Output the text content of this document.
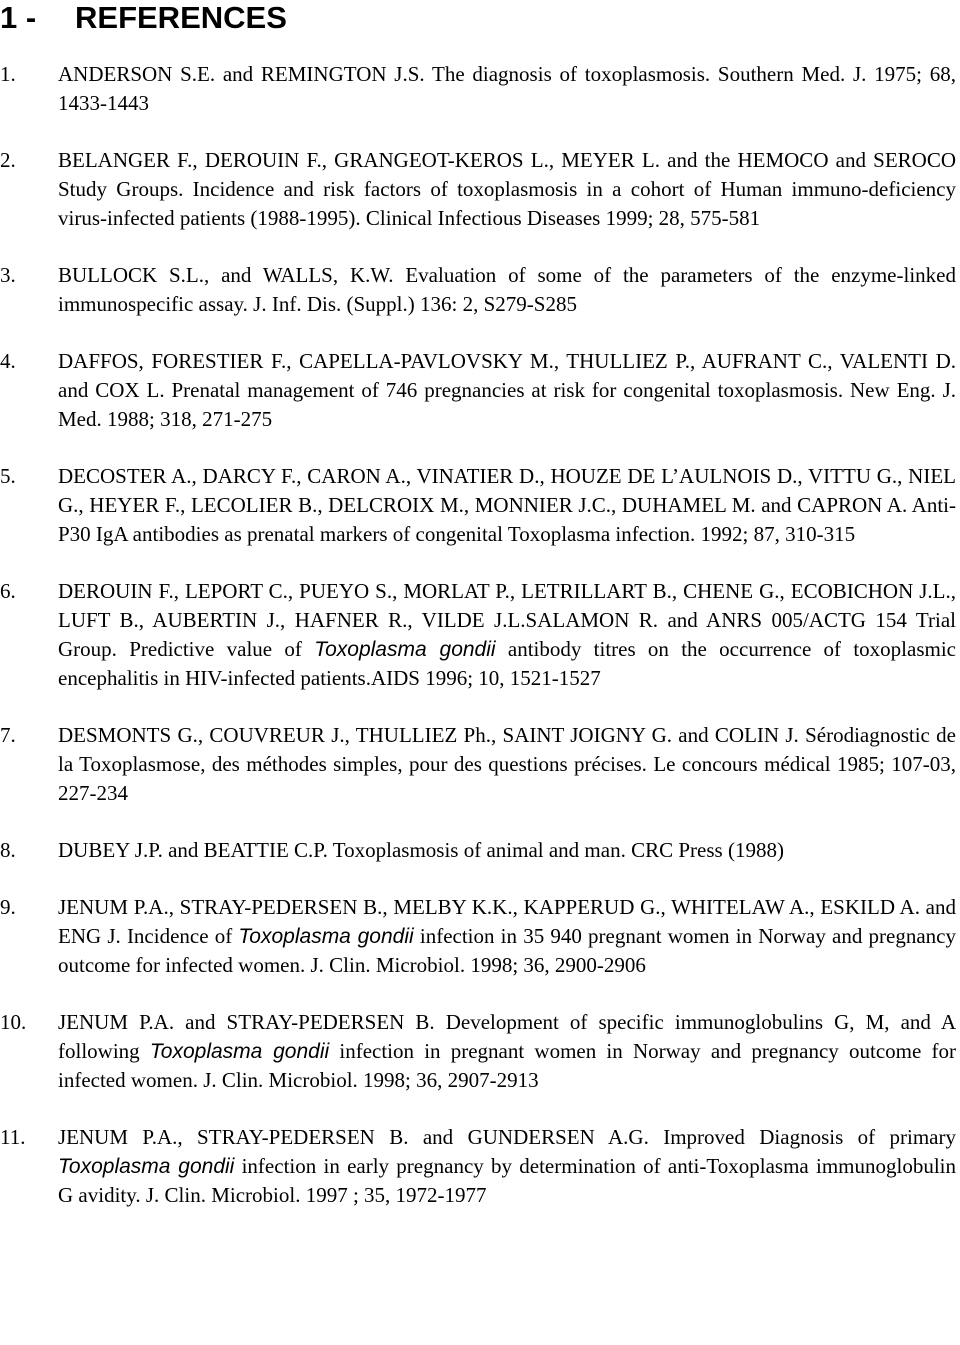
1 - REFERENCES

1. ANDERSON S.E. and REMINGTON J.S. The diagnosis of toxoplasmosis. Southern Med. J. 1975; 68, 1433-1443

2. BELANGER F., DEROUIN F., GRANGEOT-KEROS L., MEYER L. and the HEMOCO and SEROCO Study Groups. Incidence and risk factors of toxoplasmosis in a cohort of Human immuno-deficiency virus-infected patients (1988-1995). Clinical Infectious Diseases 1999; 28, 575-581

3. BULLOCK S.L., and WALLS, K.W. Evaluation of some of the parameters of the enzyme-linked immunospecific assay. J. Inf. Dis. (Suppl.) 136: 2, S279-S285

4. DAFFOS, FORESTIER F., CAPELLA-PAVLOVSKY M., THULLIEZ P., AUFRANT C., VALENTI D. and COX L. Prenatal management of 746 pregnancies at risk for congenital toxoplasmosis. New Eng. J. Med. 1988; 318, 271-275

5. DECOSTER A., DARCY F., CARON A., VINATIER D., HOUZE DE L’AULNOIS D., VITTU G., NIEL G., HEYER F., LECOLIER B., DELCROIX M., MONNIER J.C., DUHAMEL M. and CAPRON A. Anti-P30 IgA antibodies as prenatal markers of congenital Toxoplasma infection. 1992; 87, 310-315

6. DEROUIN F., LEPORT C., PUEYO S., MORLAT P., LETRILLART B., CHENE G., ECOBICHON J.L., LUFT B., AUBERTIN J., HAFNER R., VILDE J.L.SALAMON R. and ANRS 005/ACTG 154 Trial Group. Predictive value of Toxoplasma gondii antibody titres on the occurrence of toxoplasmic encephalitis in HIV-infected patients.AIDS 1996; 10, 1521-1527

7. DESMONTS G., COUVREUR J., THULLIEZ Ph., SAINT JOIGNY G. and COLIN J. Sérodiagnostic de la Toxoplasmose, des méthodes simples, pour des questions précises. Le concours médical 1985; 107-03, 227-234

8. DUBEY J.P. and BEATTIE C.P. Toxoplasmosis of animal and man. CRC Press (1988)

9. JENUM P.A., STRAY-PEDERSEN B., MELBY K.K., KAPPERUD G., WHITELAW A., ESKILD A. and ENG J. Incidence of Toxoplasma gondii infection in 35 940 pregnant women in Norway and pregnancy outcome for infected women. J. Clin. Microbiol. 1998; 36, 2900-2906

10. JENUM P.A. and STRAY-PEDERSEN B. Development of specific immunoglobulins G, M, and A following Toxoplasma gondii infection in pregnant women in Norway and pregnancy outcome for infected women. J. Clin. Microbiol. 1998; 36, 2907-2913

11. JENUM P.A., STRAY-PEDERSEN B. and GUNDERSEN A.G. Improved Diagnosis of primary Toxoplasma gondii infection in early pregnancy by determination of anti-Toxoplasma immunoglobulin G avidity. J. Clin. Microbiol. 1997 ; 35, 1972-1977
